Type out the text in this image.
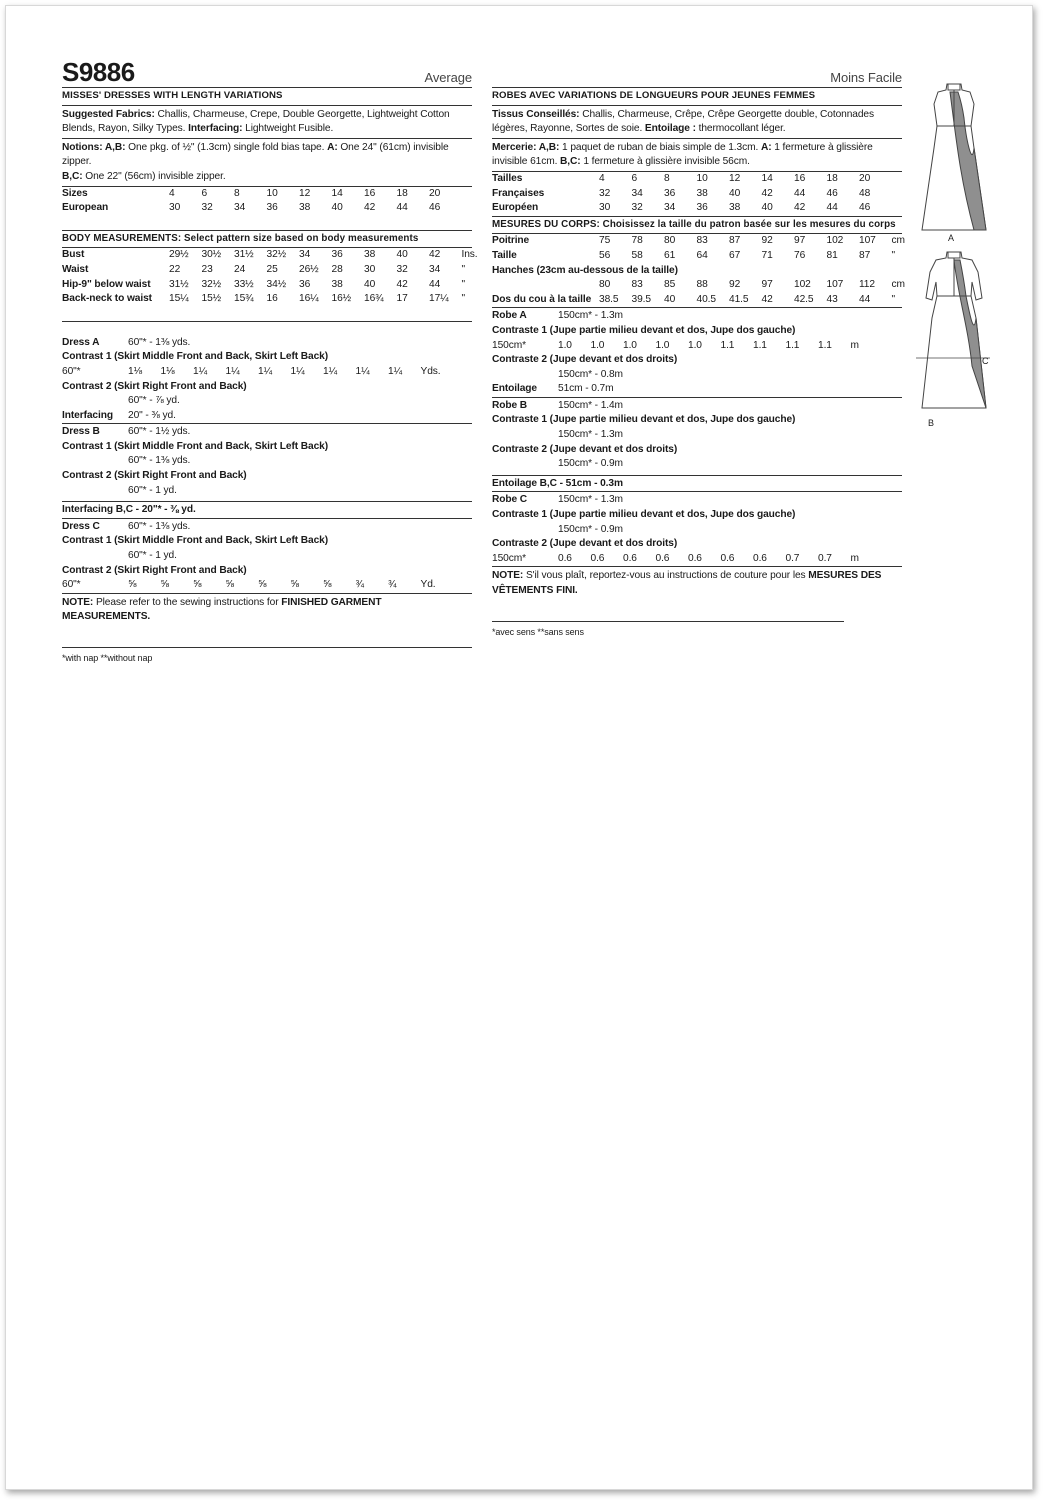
S9886	Average
MISSES' DRESSES WITH LENGTH VARIATIONS
Suggested Fabrics: Challis, Charmeuse, Crepe, Double Georgette, Lightweight Cotton Blends, Rayon, Silky Types. Interfacing: Lightweight Fusible.
Notions: A,B: One pkg. of ½" (1.3cm) single fold bias tape. A: One 24" (61cm) invisible zipper.
B,C: One 22" (56cm) invisible zipper.
Sizes	4	6	8	10	12	14	16	18	20
European	30	32	34	36	38	40	42	44	46
BODY MEASUREMENTS: Select pattern size based on body measurements
Bust	29½	30½	31½	32½	34	36	38	40	42	Ins.
Waist	22	23	24	25	26½	28	30	32	34	"
Hip-9" below waist	31½	32½	33½	34½	36	38	40	42	44	"
Back-neck to waist	15¼	15½	15¾	16	16¼	16½	16¾	17	17¼	"
Dress A	60"* - 1⅜ yds.
Contrast 1 (Skirt Middle Front and Back, Skirt Left Back)
60"*	1⅛	1⅛	1¼	1¼	1¼	1¼	1¼	1¼	1¼	Yds.
Contrast 2 (Skirt Right Front and Back)
60"* - ⅞ yd.
Interfacing	20" - ⅜ yd.
Dress B	60"* - 1½ yds.
Contrast 1 (Skirt Middle Front and Back, Skirt Left Back)
60"* - 1⅜ yds.
Contrast 2 (Skirt Right Front and Back)
60"* - 1 yd.
Interfacing B,C - 20"* - ⅜ yd.
Dress C	60"* - 1⅜ yds.
Contrast 1 (Skirt Middle Front and Back, Skirt Left Back)
60"* - 1 yd.
Contrast 2 (Skirt Right Front and Back)
60"*	⅝	⅝	⅝	⅝	⅝	⅝	⅝	¾	¾	Yd.
NOTE: Please refer to the sewing instructions for FINISHED GARMENT MEASUREMENTS.
*with nap **without nap
Moins Facile
ROBES AVEC VARIATIONS DE LONGUEURS POUR JEUNES FEMMES
Tissus Conseillés: Challis, Charmeuse, Crêpe, Crêpe Georgette double, Cotonnades légères, Rayonne, Sortes de soie. Entoilage : thermocollant léger.
Mercerie: A,B: 1 paquet de ruban de biais simple de 1.3cm. A: 1 fermeture à glissière invisible 61cm. B,C: 1 fermeture à glissière invisible 56cm.
Tailles	4	6	8	10	12	14	16	18	20
Françaises	32	34	36	38	40	42	44	46	48
Européen	30	32	34	36	38	40	42	44	46
MESURES DU CORPS: Choisissez la taille du patron basée sur les mesures du corps
Poitrine	75	78	80	83	87	92	97	102	107	cm
Taille	56	58	61	64	67	71	76	81	87	"
Hanches (23cm au-dessous de la taille)
80	83	85	88	92	97	102	107	112	cm
Dos du cou à la taille 38.5	39.5	40	40.5	41.5	42	42.5	43	44	"
Robe A	150cm* - 1.3m
Contraste 1 (Jupe partie milieu devant et dos, Jupe dos gauche)
150cm*	1.0	1.0	1.0	1.0	1.0	1.1	1.1	1.1	1.1	m
Contraste 2 (Jupe devant et dos droits)
150cm* - 0.8m
Entoilage	51cm - 0.7m
Robe B	150cm* - 1.4m
Contraste 1 (Jupe partie milieu devant et dos, Jupe dos gauche)
150cm* - 1.3m
Contraste 2 (Jupe devant et dos droits)
150cm* - 0.9m
Entoilage B,C - 51cm - 0.3m
Robe C	150cm* - 1.3m
Contraste 1 (Jupe partie milieu devant et dos, Jupe dos gauche)
150cm* - 0.9m
Contraste 2 (Jupe devant et dos droits)
150cm*	0.6	0.6	0.6	0.6	0.6	0.6	0.6	0.7	0.7	m
NOTE: S'il vous plaît, reportez-vous au instructions de couture pour les MESURES DES VÊTEMENTS FINI.
*avec sens **sans sens
A
B
C
